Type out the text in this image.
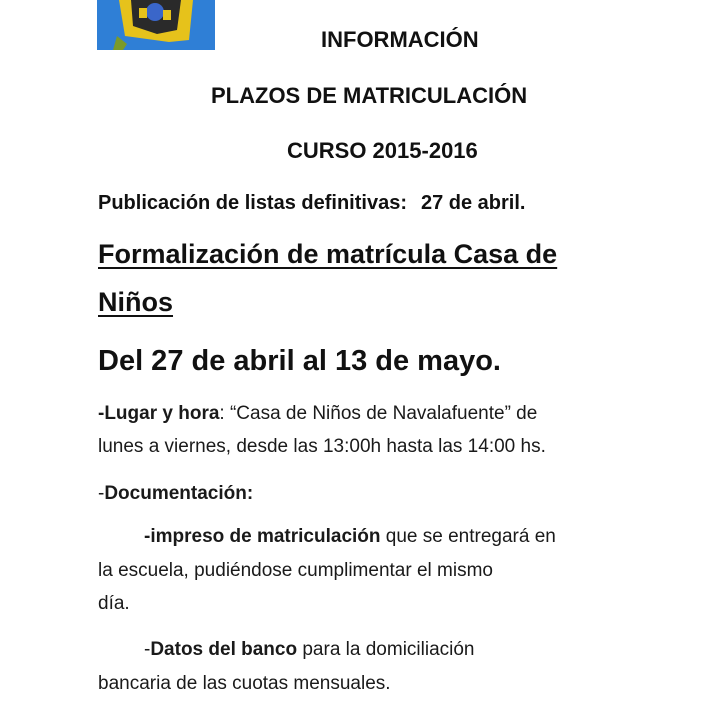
INFORMACIÓN
PLAZOS DE MATRICULACIÓN
CURSO 2015-2016
Publicación de listas definitivas: 27 de abril.
Formalización de matrícula Casa de
Niños
Del 27 de abril al 13 de mayo.
-Lugar y hora: “Casa de Niños de Navalafuente” de
lunes a viernes, desde las 13:00h hasta las 14:00 hs.
-Documentación:
-impreso de matriculación que se entregará en
la escuela, pudiéndose cumplimentar el mismo
día.
-Datos del banco para la domiciliación
bancaria de las cuotas mensuales.
